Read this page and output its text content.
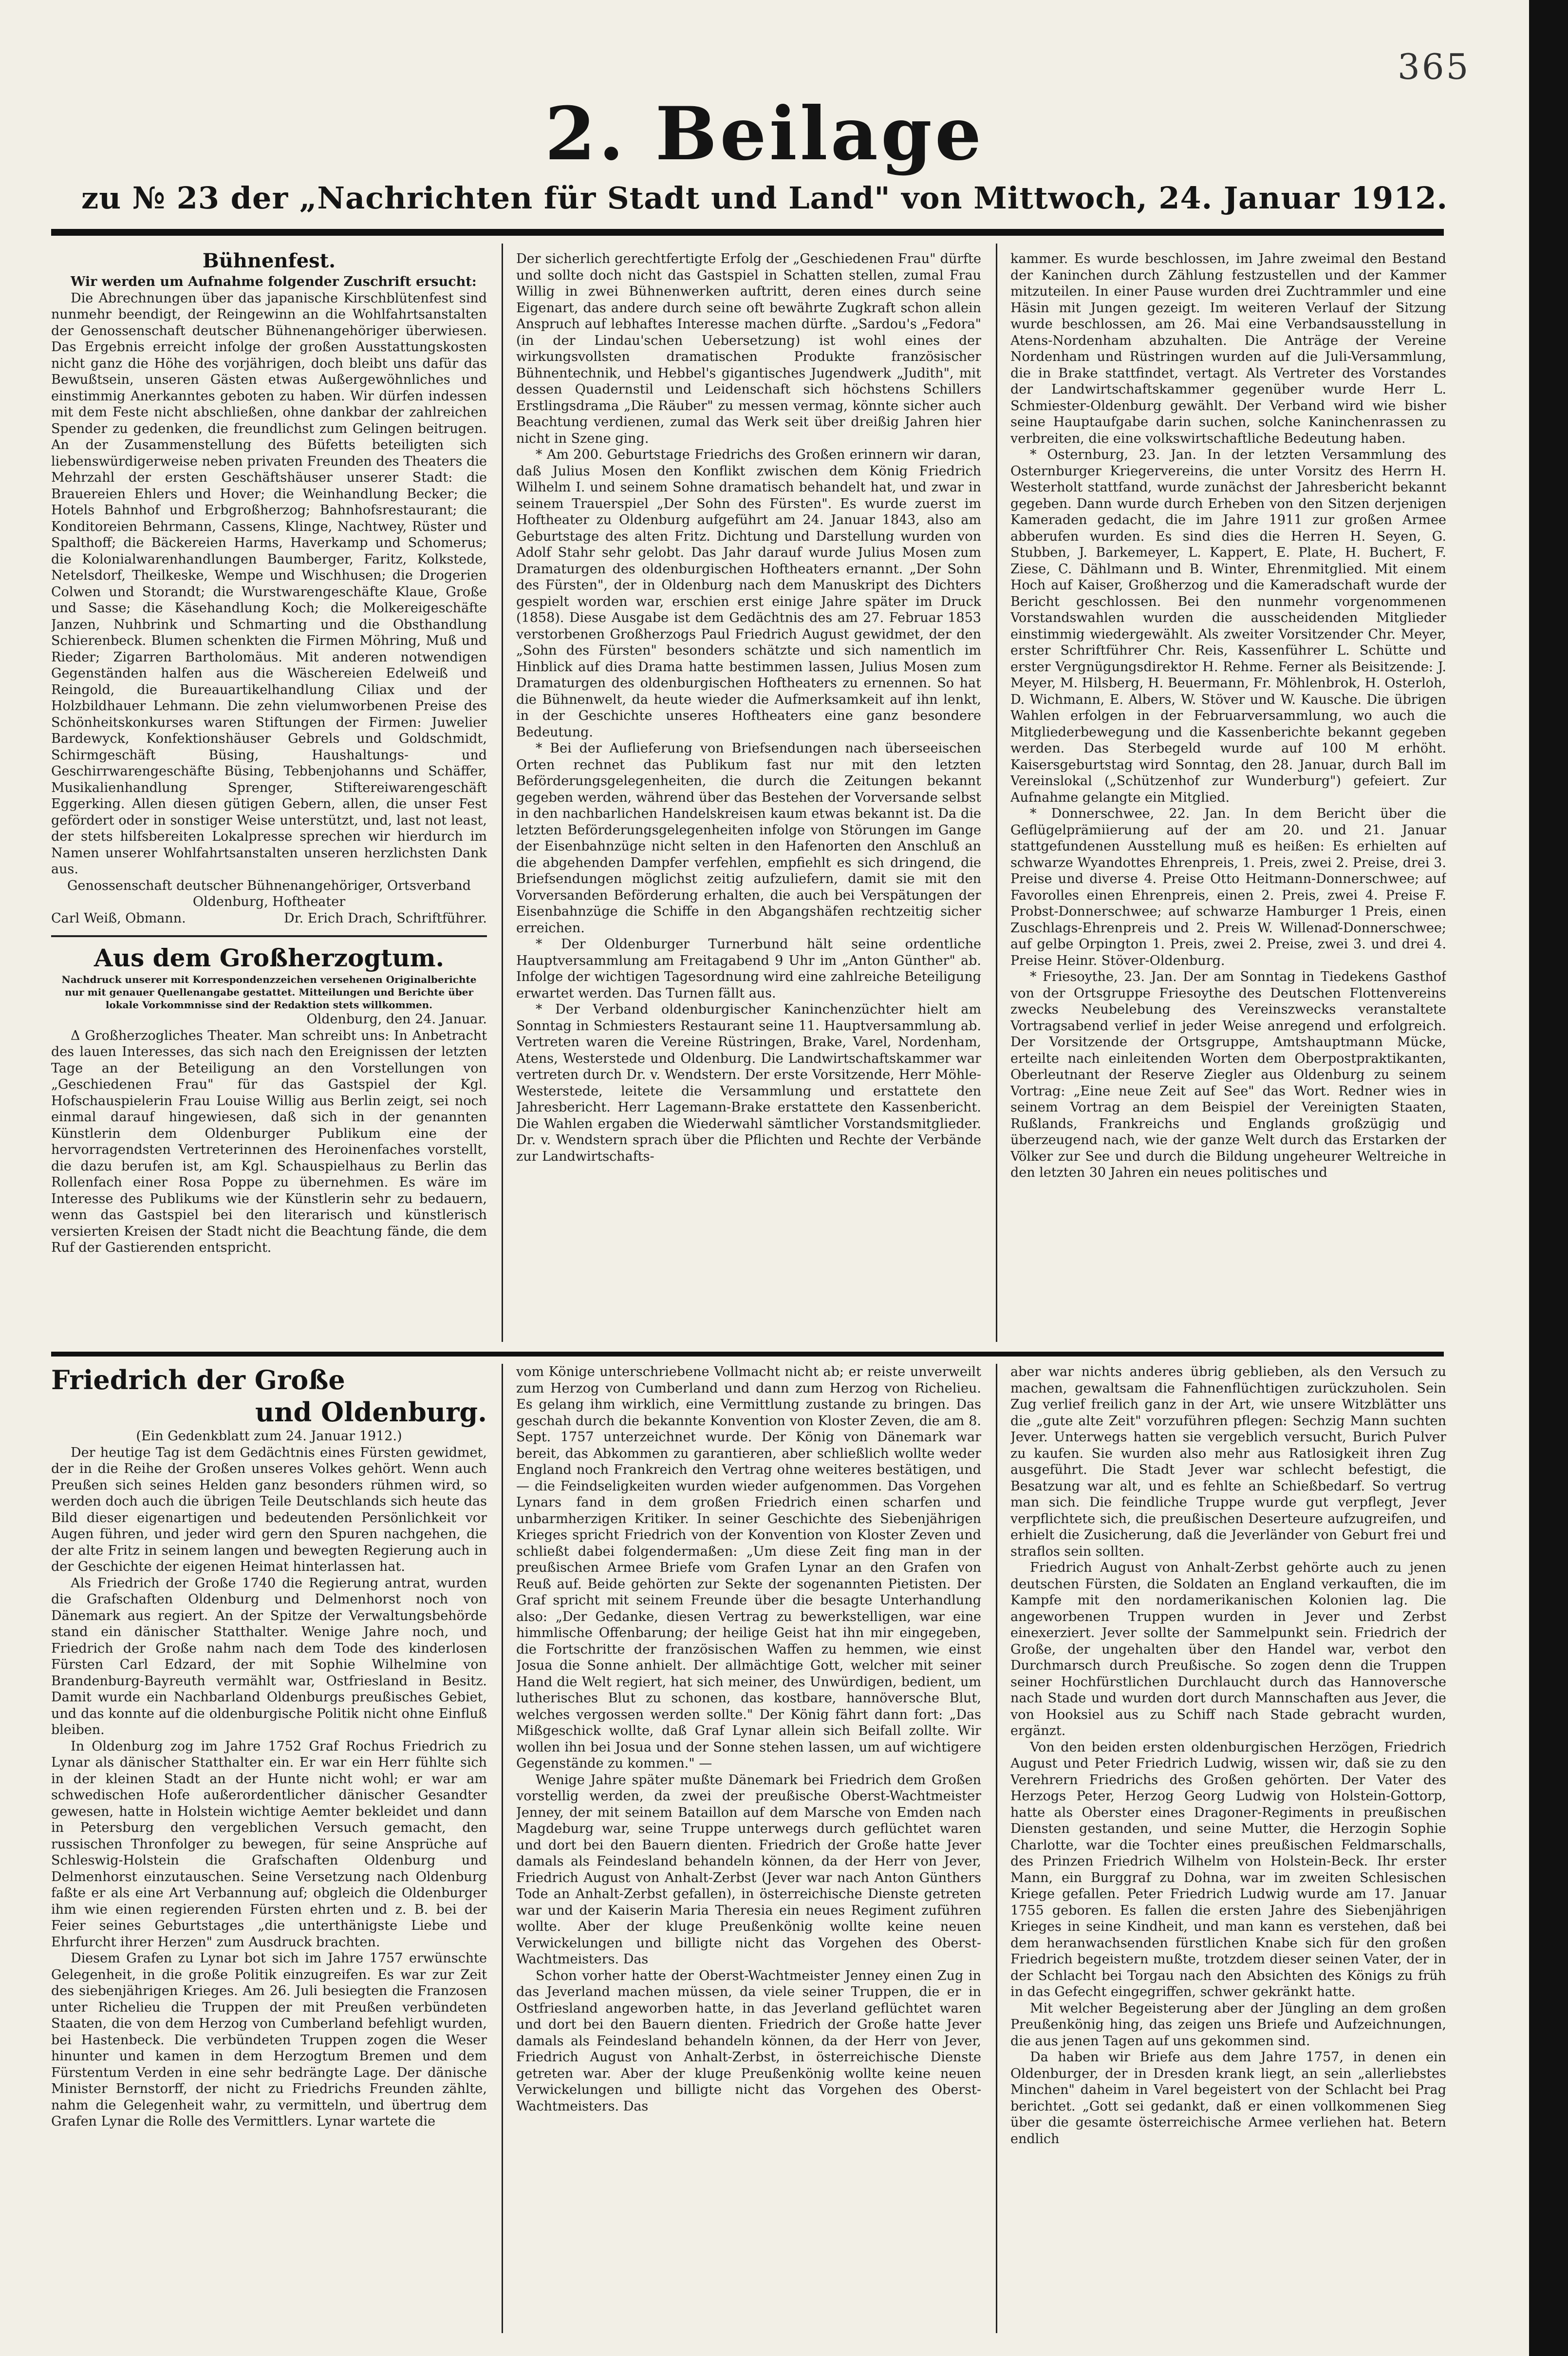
365
2. Beilage
zu № 23 der „Nachrichten für Stadt und Land" von Mittwoch, 24. Januar 1912.
Bühnenfest.

Wir werden um Aufnahme folgender Zuschrift ersucht:

Die Abrechnungen über das japanische Kirschblütenfest sind nunmehr beendigt, der Reingewinn an die Wohlfahrtsanstalten der Genossenschaft deutscher Bühnenangehöriger überwiesen. Das Ergebnis erreicht infolge der großen Ausstattungskosten nicht ganz die Höhe des vorjährigen, doch bleibt uns dafür das Bewußtsein, unseren Gästen etwas Außergewöhnliches und einstimmig Anerkanntes geboten zu haben. Wir dürfen indessen mit dem Feste nicht abschließen, ohne dankbar der zahlreichen Spender zu gedenken, die freundlichst zum Gelingen beitrugen. An der Zusammenstellung des Büfetts beteiligten sich liebenswürdigerweise neben privaten Freunden des Theaters die Mehrzahl der ersten Geschäftshäuser unserer Stadt: die Brauereien Ehlers und Hover; die Weinhandlung Becker; die Hotels Bahnhof und Erbgroßherzog; Bahnhofsrestaurant; die Konditoreien Behrmann, Cassens, Klinge, Nachtwey, Rüster und Spalthoff; die Bäckereien Harms, Haverkamp und Schomerus; die Kolonialwarenhandlungen Baumberger, Faritz, Kolkstede, Netelsdorf, Theilkeske, Wempe und Wischhusen; die Drogerien Colwen und Storandt; die Wurstwarengeschäfte Klaue, Große und Sasse; die Käsehandlung Koch; die Molkereigeschäfte Janzen, Nuhbrink und Schmarting und die Obsthandlung Schierenbeck. Blumen schenkten die Firmen Möhring, Muß und Rieder; Zigarren Bartholomäus. Mit anderen notwendigen Gegenständen halfen aus die Wäschereien Edelweiß und Reingold, die Bureauartikelhandlung Ciliax und der Holzbildhauer Lehmann. Die zehn vielumworbenen Preise des Schönheitskonkurses waren Stiftungen der Firmen: Juwelier Bardewyck, Konfektionshäuser Gebrels und Goldschmidt, Schirmgeschäft Büsing, Haushaltungs- und Geschirrwarengeschäfte Büsing, Tebbenjohanns und Schäffer, Musikalienhandlung Sprenger, Stiftereiwarengeschäft Eggerking. Allen diesen gütigen Gebern, allen, die unser Fest gefördert oder in sonstiger Weise unterstützt, und, last not least, der stets hilfsbereiten Lokalpresse sprechen wir hierdurch im Namen unserer Wohlfahrtsanstalten unseren herzlichsten Dank aus.

Genossenschaft deutscher Bühnenangehöriger, Ortsverband Oldenburg, Hoftheater

Carl Weiß, Obmann.	Dr. Erich Drach, Schriftführer.
Aus dem Großherzogtum.
Nachdruck unserer mit Korrespondenzzeichen versehenen Originalberichte nur mit genauer Quellenangabe gestattet. Mitteilungen und Berichte über lokale Vorkommnisse sind der Redaktion stets willkommen.

Oldenburg, den 24. Januar.

Δ Großherzogliches Theater. Man schreibt uns: In Anbetracht des lauen Interesses, das sich nach den Ereignissen der letzten Tage an der Beteiligung an den Vorstellungen von „Geschiedenen Frau" für das Gastspiel der Kgl. Hofschauspielerin Frau Louise Willig aus Berlin zeigt, sei noch einmal darauf hingewiesen, daß sich in der genannten Künstlerin dem Oldenburger Publikum eine der hervorragendsten Vertreterinnen des Heroinenfaches vorstellt, die dazu berufen ist, am Kgl. Schauspielhaus zu Berlin das Rollenfach einer Rosa Poppe zu übernehmen. Es wäre im Interesse des Publikums wie der Künstlerin sehr zu bedauern, wenn das Gastspiel bei den literarisch und künstlerisch versierten Kreisen der Stadt nicht die Beachtung fände, die dem Ruf der Gastierenden entspricht.

Der sicherlich gerechtfertigte Erfolg der „Geschiedenen Frau" dürfte und sollte doch nicht das Gastspiel in Schatten stellen, zumal Frau Willig in zwei Bühnenwerken auftritt, deren eines durch seine Eigenart, das andere durch seine oft bewährte Zugkraft schon allein Anspruch auf lebhaftes Interesse machen dürfte. „Sardou's „Fedora" (in der Lindau'schen Uebersetzung) ist wohl eines der wirkungsvollsten dramatischen Produkte französischer Bühnentechnik, und Hebbel's gigantisches Jugendwerk „Judith", mit dessen Quadernstil und Leidenschaft sich höchstens Schillers Erstlingsdrama „Die Räuber" zu messen vermag, könnte sicher auch Beachtung verdienen, zumal das Werk seit über dreißig Jahren hier nicht in Szene ging.

* Am 200. Geburtstage Friedrichs des Großen erinnern wir daran, daß Julius Mosen den Konflikt zwischen dem König Friedrich Wilhelm I. und seinem Sohne dramatisch behandelt hat, und zwar in seinem Trauerspiel „Der Sohn des Fürsten". Es wurde zuerst im Hoftheater zu Oldenburg aufgeführt am 24. Januar 1843, also am Geburtstage des alten Fritz. Dichtung und Darstellung wurden von Adolf Stahr sehr gelobt. Das Jahr darauf wurde Julius Mosen zum Dramaturgen des oldenburgischen Hoftheaters ernannt. „Der Sohn des Fürsten", der in Oldenburg nach dem Manuskript des Dichters gespielt worden war, erschien erst einige Jahre später im Druck (1858). Diese Ausgabe ist dem Gedächtnis des am 27. Februar 1853 verstorbenen Großherzogs Paul Friedrich August gewidmet, der den „Sohn des Fürsten" besonders schätzte und sich namentlich im Hinblick auf dies Drama hatte bestimmen lassen, Julius Mosen zum Dramaturgen des oldenburgischen Hoftheaters zu ernennen. So hat die Bühnenwelt, da heute wieder die Aufmerksamkeit auf ihn lenkt, in der Geschichte unseres Hoftheaters eine ganz besondere Bedeutung.

* Bei der Auflieferung von Briefsendungen nach überseeischen Orten rechnet das Publikum fast nur mit den letzten Beförderungsgelegenheiten, die durch die Zeitungen bekannt gegeben werden, während über das Bestehen der Vorversande selbst in den nachbarlichen Handelskreisen kaum etwas bekannt ist. Da die letzten Beförderungsgelegenheiten infolge von Störungen im Gange der Eisenbahnzüge nicht selten in den Hafenorten den Anschluß an die abgehenden Dampfer verfehlen, empfiehlt es sich dringend, die Briefsendungen möglichst zeitig aufzuliefern, damit sie mit den Vorversanden Beförderung erhalten, die auch bei Verspätungen der Eisenbahnzüge die Schiffe in den Abgangshäfen rechtzeitig sicher erreichen.

* Der Oldenburger Turnerbund hält seine ordentliche Hauptversammlung am Freitagabend 9 Uhr im „Anton Günther" ab. Infolge der wichtigen Tagesordnung wird eine zahlreiche Beteiligung erwartet werden. Das Turnen fällt aus.

* Der Verband oldenburgischer Kaninchenzüchter hielt am Sonntag in Schmiesters Restaurant seine 11. Hauptversammlung ab. Vertreten waren die Vereine Rüstringen, Brake, Varel, Nordenham, Atens, Westerstede und Oldenburg. Die Landwirtschaftskammer war vertreten durch Dr. v. Wendstern. Der erste Vorsitzende, Herr Möhle-Westerstede, leitete die Versammlung und erstattete den Jahresbericht. Herr Lagemann-Brake erstattete den Kassenbericht. Die Wahlen ergaben die Wiederwahl sämtlicher Vorstandsmitglieder. Dr. v. Wendstern sprach über die Pflichten und Rechte der Verbände zur Landwirtschafts-

kammer. Es wurde beschlossen, im Jahre zweimal den Bestand der Kaninchen durch Zählung festzustellen und der Kammer mitzuteilen. In einer Pause wurden drei Zuchtrammler und eine Häsin mit Jungen gezeigt. Im weiteren Verlauf der Sitzung wurde beschlossen, am 26. Mai eine Verbandsausstellung in Atens-Nordenham abzuhalten. Die Anträge der Vereine Nordenham und Rüstringen wurden auf die Juli-Versammlung, die in Brake stattfindet, vertagt. Als Vertreter des Vorstandes der Landwirtschaftskammer gegenüber wurde Herr L. Schmiester-Oldenburg gewählt. Der Verband wird wie bisher seine Hauptaufgabe darin suchen, solche Kaninchenrassen zu verbreiten, die eine volkswirtschaftliche Bedeutung haben.

* Osternburg, 23. Jan. In der letzten Versammlung des Osternburger Kriegervereins, die unter Vorsitz des Herrn H. Westerholt stattfand, wurde zunächst der Jahresbericht bekannt gegeben. Dann wurde durch Erheben von den Sitzen derjenigen Kameraden gedacht, die im Jahre 1911 zur großen Armee abberufen wurden. Es sind dies die Herren H. Seyen, G. Stubben, J. Barkemeyer, L. Kappert, E. Plate, H. Buchert, F. Ziese, C. Dählmann und B. Winter, Ehrenmitglied. Mit einem Hoch auf Kaiser, Großherzog und die Kameradschaft wurde der Bericht geschlossen. Bei den nunmehr vorgenommenen Vorstandswahlen wurden die ausscheidenden Mitglieder einstimmig wiedergewählt. Als zweiter Vorsitzender Chr. Meyer, erster Schriftführer Chr. Reis, Kassenführer L. Schütte und erster Vergnügungsdirektor H. Rehme. Ferner als Beisitzende: J. Meyer, M. Hilsberg, H. Beuermann, Fr. Möhlenbrok, H. Osterloh, D. Wichmann, E. Albers, W. Stöver und W. Kausche. Die übrigen Wahlen erfolgen in der Februarversammlung, wo auch die Mitgliederbewegung und die Kassenberichte bekannt gegeben werden. Das Sterbegeld wurde auf 100 M erhöht. Kaisersgeburtstag wird Sonntag, den 28. Januar, durch Ball im Vereinslokal („Schützenhof zur Wunderburg") gefeiert. Zur Aufnahme gelangte ein Mitglied.

* Donnerschwee, 22. Jan. In dem Bericht über die Geflügelprämiierung auf der am 20. und 21. Januar stattgefundenen Ausstellung muß es heißen: Es erhielten auf schwarze Wyandottes Ehrenpreis, 1. Preis, zwei 2. Preise, drei 3. Preise und diverse 4. Preise Otto Heitmann-Donnerschwee; auf Favorolles einen Ehrenpreis, einen 2. Preis, zwei 4. Preise F. Probst-Donnerschwee; auf schwarze Hamburger 1 Preis, einen Zuschlags-Ehrenpreis und 2. Preis W. Willenaď-Donnerschwee; auf gelbe Orpington 1. Preis, zwei 2. Preise, zwei 3. und drei 4. Preise Heinr. Stöver-Oldenburg.

* Friesoythe, 23. Jan. Der am Sonntag in Tiedekens Gasthof von der Ortsgruppe Friesoythe des Deutschen Flottenvereins zwecks Neubelebung des Vereinszwecks veranstaltete Vortragsabend verlief in jeder Weise anregend und erfolgreich. Der Vorsitzende der Ortsgruppe, Amtshauptmann Mücke, erteilte nach einleitenden Worten dem Oberpostpraktikanten, Oberleutnant der Reserve Ziegler aus Oldenburg zu seinem Vortrag: „Eine neue Zeit auf See" das Wort. Redner wies in seinem Vortrag an dem Beispiel der Vereinigten Staaten, Rußlands, Frankreichs und Englands großzügig und überzeugend nach, wie der ganze Welt durch das Erstarken der Völker zur See und durch die Bildung ungeheurer Weltreiche in den letzten 30 Jahren ein neues politisches und

Friedrich der Große
und Oldenburg.

(Ein Gedenkblatt zum 24. Januar 1912.)

Der heutige Tag ist dem Gedächtnis eines Fürsten gewidmet, der in die Reihe der Großen unseres Volkes gehört. Wenn auch Preußen sich seines Helden ganz besonders rühmen wird, so werden doch auch die übrigen Teile Deutschlands sich heute das Bild dieser eigenartigen und bedeutenden Persönlichkeit vor Augen führen, und jeder wird gern den Spuren nachgehen, die der alte Fritz in seinem langen und bewegten Regierung auch in der Geschichte der eigenen Heimat hinterlassen hat.

Als Friedrich der Große 1740 die Regierung antrat, wurden die Grafschaften Oldenburg und Delmenhorst noch von Dänemark aus regiert. An der Spitze der Verwaltungsbehörde stand ein dänischer Statthalter. Wenige Jahre noch, und Friedrich der Große nahm nach dem Tode des kinderlosen Fürsten Carl Edzard, der mit Sophie Wilhelmine von Brandenburg-Bayreuth vermählt war, Ostfriesland in Besitz. Damit wurde ein Nachbarland Oldenburgs preußisches Gebiet, und das konnte auf die oldenburgische Politik nicht ohne Einfluß bleiben.

In Oldenburg zog im Jahre 1752 Graf Rochus Friedrich zu Lynar als dänischer Statthalter ein. Er war ein Herr fühlte sich in der kleinen Stadt an der Hunte nicht wohl; er war am schwedischen Hofe außerordentlicher dänischer Gesandter gewesen, hatte in Holstein wichtige Aemter bekleidet und dann in Petersburg den vergeblichen Versuch gemacht, den russischen Thronfolger zu bewegen, für seine Ansprüche auf Schleswig-Holstein die Grafschaften Oldenburg und Delmenhorst einzutauschen. Seine Versetzung nach Oldenburg faßte er als eine Art Verbannung auf; obgleich die Oldenburger ihm wie einen regierenden Fürsten ehrten und z. B. bei der Feier seines Geburtstages „die unterthänigste Liebe und Ehrfurcht ihrer Herzen" zum Ausdruck brachten.

Diesem Grafen zu Lynar bot sich im Jahre 1757 erwünschte Gelegenheit, in die große Politik einzugreifen. Es war zur Zeit des siebenjährigen Krieges. Am 26. Juli besiegten die Franzosen unter Richelieu die Truppen der mit Preußen verbündeten Staaten, die von dem Herzog von Cumberland befehligt wurden, bei Hastenbeck. Die verbündeten Truppen zogen die Weser hinunter und kamen in dem Herzogtum Bremen und dem Fürstentum Verden in eine sehr bedrängte Lage. Der dänische Minister Bernstorff, der nicht zu Friedrichs Freunden zählte, nahm die Gelegenheit wahr, zu vermitteln, und übertrug dem Grafen Lynar die Rolle des Vermittlers. Lynar wartete die

vom Könige unterschriebene Vollmacht nicht ab; er reiste unverweilt zum Herzog von Cumberland und dann zum Herzog von Richelieu. Es gelang ihm wirklich, eine Vermittlung zustande zu bringen. Das geschah durch die bekannte Konvention von Kloster Zeven, die am 8. Sept. 1757 unterzeichnet wurde. Der König von Dänemark war bereit, das Abkommen zu garantieren, aber schließlich wollte weder England noch Frankreich den Vertrag ohne weiteres bestätigen, und — die Feindseligkeiten wurden wieder aufgenommen. Das Vorgehen Lynars fand in dem großen Friedrich einen scharfen und unbarmherzigen Kritiker. In seiner Geschichte des Siebenjährigen Krieges spricht Friedrich von der Konvention von Kloster Zeven und schließt dabei folgendermaßen: „Um diese Zeit fing man in der preußischen Armee Briefe vom Grafen Lynar an den Grafen von Reuß auf. Beide gehörten zur Sekte der sogenannten Pietisten. Der Graf spricht mit seinem Freunde über die besagte Unterhandlung also: „Der Gedanke, diesen Vertrag zu bewerkstelligen, war eine himmlische Offenbarung; der heilige Geist hat ihn mir eingegeben, die Fortschritte der französischen Waffen zu hemmen, wie einst Josua die Sonne anhielt. Der allmächtige Gott, welcher mit seiner Hand die Welt regiert, hat sich meiner, des Unwürdigen, bedient, um lutherisches Blut zu schonen, das kostbare, hannöversche Blut, welches vergossen werden sollte." Der König fährt dann fort: „Das Mißgeschick wollte, daß Graf Lynar allein sich Beifall zollte. Wir wollen ihn bei Josua und der Sonne stehen lassen, um auf wichtigere Gegenstände zu kommen." —

Wenige Jahre später mußte Dänemark bei Friedrich dem Großen vorstellig werden, da zwei der preußische Oberst-Wachtmeister Jenney, der mit seinem Bataillon auf dem Marsche von Emden nach Magdeburg war, seine Truppe unterwegs durch geflüchtet waren und dort bei den Bauern dienten. Friedrich der Große hatte Jever damals als Feindesland behandeln können, da der Herr von Jever, Friedrich August von Anhalt-Zerbst (Jever war nach Anton Günthers Tode an Anhalt-Zerbst gefallen), in österreichische Dienste getreten war und der Kaiserin Maria Theresia ein neues Regiment zuführen wollte. Aber der kluge Preußenkönig wollte keine neuen Verwickelungen und billigte nicht das Vorgehen des Oberst-Wachtmeisters. Das

Schon vorher hatte der Oberst-Wachtmeister Jenney einen Zug in das Jeverland machen müssen, da viele seiner Truppen, die er in Ostfriesland angeworben hatte, in das Jeverland geflüchtet waren und dort bei den Bauern dienten. Friedrich der Große hatte Jever damals als Feindesland behandeln können, da der Herr von Jever, Friedrich August von Anhalt-Zerbst, in österreichische Dienste getreten war. Aber der kluge Preußenkönig wollte keine neuen Verwickelungen und billigte nicht das Vorgehen des Oberst-Wachtmeisters. Das

aber war nichts anderes übrig geblieben, als den Versuch zu machen, gewaltsam die Fahnenflüchtigen zurückzuholen. Sein Zug verlief freilich ganz in der Art, wie unsere Witzblätter uns die „gute alte Zeit" vorzuführen pflegen: Sechzig Mann suchten Jever. Unterwegs hatten sie vergeblich versucht, Burich Pulver zu kaufen. Sie wurden also mehr aus Ratlosigkeit ihren Zug ausgeführt. Die Stadt Jever war schlecht befestigt, die Besatzung war alt, und es fehlte an Schießbedarf. So vertrug man sich. Die feindliche Truppe wurde gut verpflegt, Jever verpflichtete sich, die preußischen Deserteure aufzugreifen, und erhielt die Zusicherung, daß die Jeverländer von Geburt frei und straflos sein sollten.

Friedrich August von Anhalt-Zerbst gehörte auch zu jenen deutschen Fürsten, die Soldaten an England verkauften, die im Kampfe mit den nordamerikanischen Kolonien lag. Die angeworbenen Truppen wurden in Jever und Zerbst einexerziert. Jever sollte der Sammelpunkt sein. Friedrich der Große, der ungehalten über den Handel war, verbot den Durchmarsch durch Preußische. So zogen denn die Truppen seiner Hochfürstlichen Durchlaucht durch das Hannoversche nach Stade und wurden dort durch Mannschaften aus Jever, die von Hooksiel aus zu Schiff nach Stade gebracht wurden, ergänzt.

Von den beiden ersten oldenburgischen Herzögen, Friedrich August und Peter Friedrich Ludwig, wissen wir, daß sie zu den Verehrern Friedrichs des Großen gehörten. Der Vater des Herzogs Peter, Herzog Georg Ludwig von Holstein-Gottorp, hatte als Oberster eines Dragoner-Regiments in preußischen Diensten gestanden, und seine Mutter, die Herzogin Sophie Charlotte, war die Tochter eines preußischen Feldmarschalls, des Prinzen Friedrich Wilhelm von Holstein-Beck. Ihr erster Mann, ein Burggraf zu Dohna, war im zweiten Schlesischen Kriege gefallen. Peter Friedrich Ludwig wurde am 17. Januar 1755 geboren. Es fallen die ersten Jahre des Siebenjährigen Krieges in seine Kindheit, und man kann es verstehen, daß bei dem heranwachsenden fürstlichen Knabe sich für den großen Friedrich begeistern mußte, trotzdem dieser seinen Vater, der in der Schlacht bei Torgau nach den Absichten des Königs zu früh in das Gefecht eingegriffen, schwer gekränkt hatte.

Mit welcher Begeisterung aber der Jüngling an dem großen Preußenkönig hing, das zeigen uns Briefe und Aufzeichnungen, die aus jenen Tagen auf uns gekommen sind.

Da haben wir Briefe aus dem Jahre 1757, in denen ein Oldenburger, der in Dresden krank liegt, an sein „allerliebstes Minchen" daheim in Varel begeistert von der Schlacht bei Prag berichtet. „Gott sei gedankt, daß er einen vollkommenen Sieg über die gesamte österreichische Armee verliehen hat. Betern endlich
